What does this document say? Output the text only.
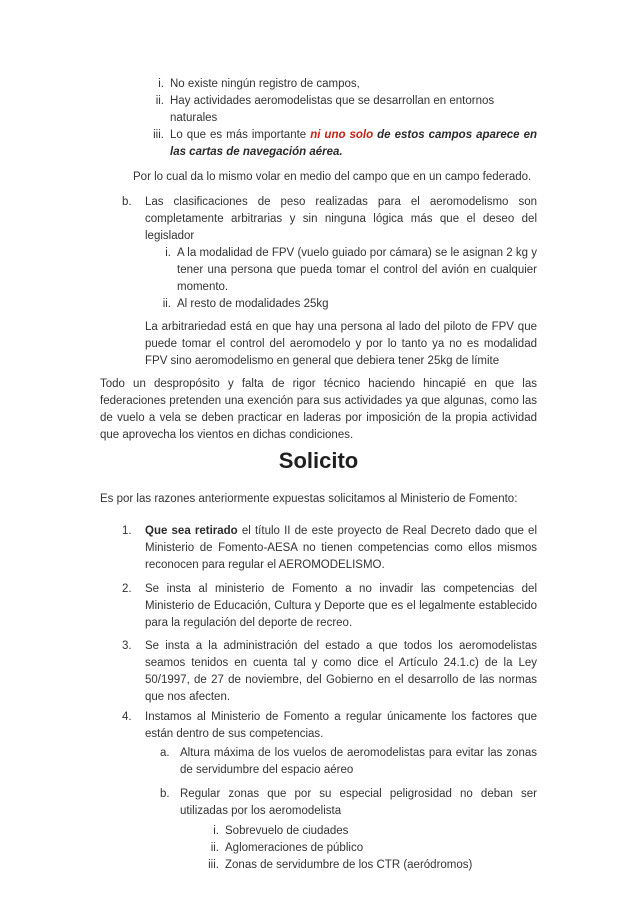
i. No existe ningún registro de campos,
ii. Hay actividades aeromodelistas que se desarrollan en entornos naturales
iii. Lo que es más importante ni uno solo de estos campos aparece en las cartas de navegación aérea.

Por lo cual da lo mismo volar en medio del campo que en un campo federado.

b.	Las clasificaciones de peso realizadas para el aeromodelismo son completamente arbitrarias y sin ninguna lógica más que el deseo del legislador
i. A la modalidad de FPV (vuelo guiado por cámara) se le asignan 2 kg y tener una persona que pueda tomar el control del avión en cualquier momento.
ii. Al resto de modalidades 25kg

La arbitrariedad está en que hay una persona al lado del piloto de FPV que puede tomar el control del aeromodelo y por lo tanto ya no es modalidad FPV sino aeromodelismo en general que debiera tener 25kg de límite

Todo un despropósito y falta de rigor técnico haciendo hincapié en que las federaciones pretenden una exención para sus actividades ya que algunas, como las de vuelo a vela se deben practicar en laderas por imposición de la propia actividad que aprovecha los vientos en dichas condiciones.

Solicito

Es por las razones anteriormente expuestas solicitamos al Ministerio de Fomento:

1.	Que sea retirado el título II de este proyecto de Real Decreto dado que el Ministerio de Fomento-AESA no tienen competencias como ellos mismos reconocen para regular el AEROMODELISMO.
2.	Se insta al ministerio de Fomento a no invadir las competencias del Ministerio de Educación, Cultura y Deporte que es el legalmente establecido para la regulación del deporte de recreo.
3.	Se insta a la administración del estado a que todos los aeromodelistas seamos tenidos en cuenta tal y como dice el Artículo 24.1.c) de la Ley 50/1997, de 27 de noviembre, del Gobierno en el desarrollo de las normas que nos afecten.
4.	Instamos al Ministerio de Fomento a regular únicamente los factores que están dentro de sus competencias.
a. Altura máxima de los vuelos de aeromodelistas para evitar las zonas de servidumbre del espacio aéreo
b. Regular zonas que por su especial peligrosidad no deban ser utilizadas por los aeromodelista
i. Sobrevuelo de ciudades
ii. Aglomeraciones de público
iii. Zonas de servidumbre de los CTR (aeródromos)
